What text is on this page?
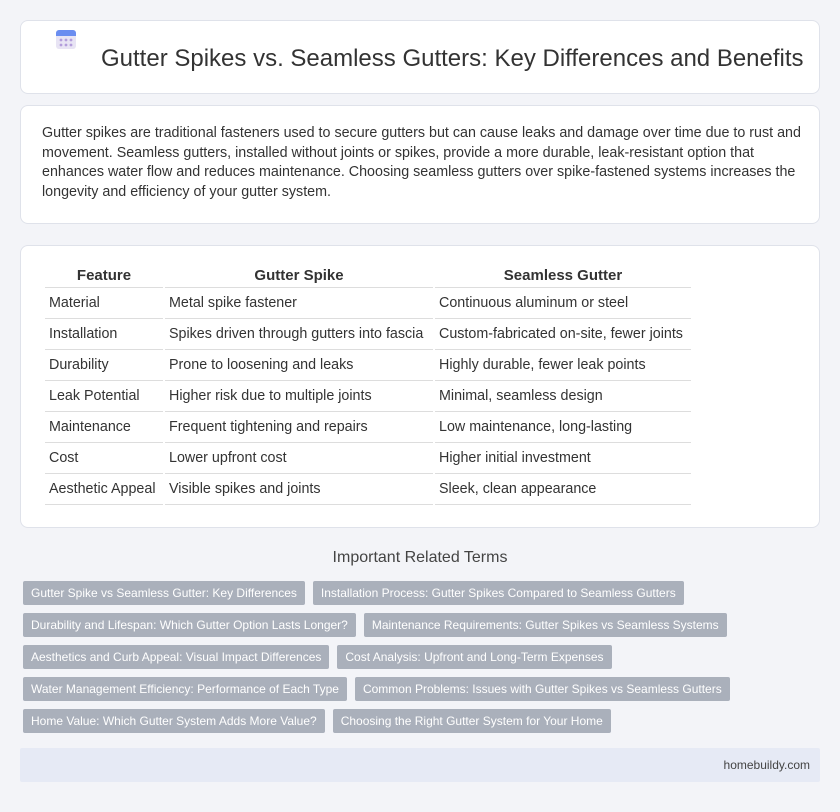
Gutter Spikes vs. Seamless Gutters: Key Differences and Benefits

Gutter spikes are traditional fasteners used to secure gutters but can cause leaks and damage over time due to rust and movement. Seamless gutters, installed without joints or spikes, provide a more durable, leak-resistant option that enhances water flow and reduces maintenance. Choosing seamless gutters over spike-fastened systems increases the longevity and efficiency of your gutter system.

Feature	Gutter Spike	Seamless Gutter
Material	Metal spike fastener	Continuous aluminum or steel
Installation	Spikes driven through gutters into fascia	Custom-fabricated on-site, fewer joints
Durability	Prone to loosening and leaks	Highly durable, fewer leak points
Leak Potential	Higher risk due to multiple joints	Minimal, seamless design
Maintenance	Frequent tightening and repairs	Low maintenance, long-lasting
Cost	Lower upfront cost	Higher initial investment
Aesthetic Appeal	Visible spikes and joints	Sleek, clean appearance
Important Related Terms
Gutter Spike vs Seamless Gutter: Key Differences	Installation Process: Gutter Spikes Compared to Seamless Gutters
Durability and Lifespan: Which Gutter Option Lasts Longer?	Maintenance Requirements: Gutter Spikes vs Seamless Systems
Aesthetics and Curb Appeal: Visual Impact Differences	Cost Analysis: Upfront and Long-Term Expenses
Water Management Efficiency: Performance of Each Type	Common Problems: Issues with Gutter Spikes vs Seamless Gutters
Home Value: Which Gutter System Adds More Value?	Choosing the Right Gutter System for Your Home
homebuildy.com
